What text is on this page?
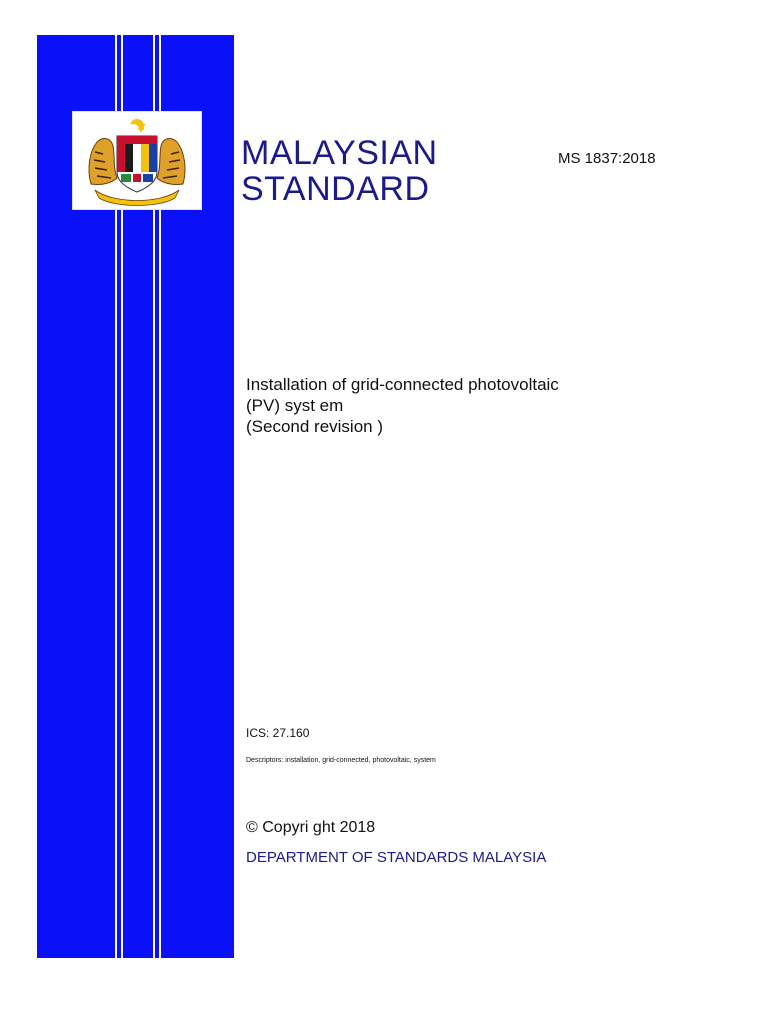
MALAYSIAN
STANDARD
MS 1837:2018
Installation of grid-connected photovoltaic
(PV) syst em
(Second revision )
ICS: 27.160
Descriptors: installation, grid-connected, photovoltaic, system
© Copyri ght 2018
DEPARTMENT OF STANDARDS MALAYSIA
